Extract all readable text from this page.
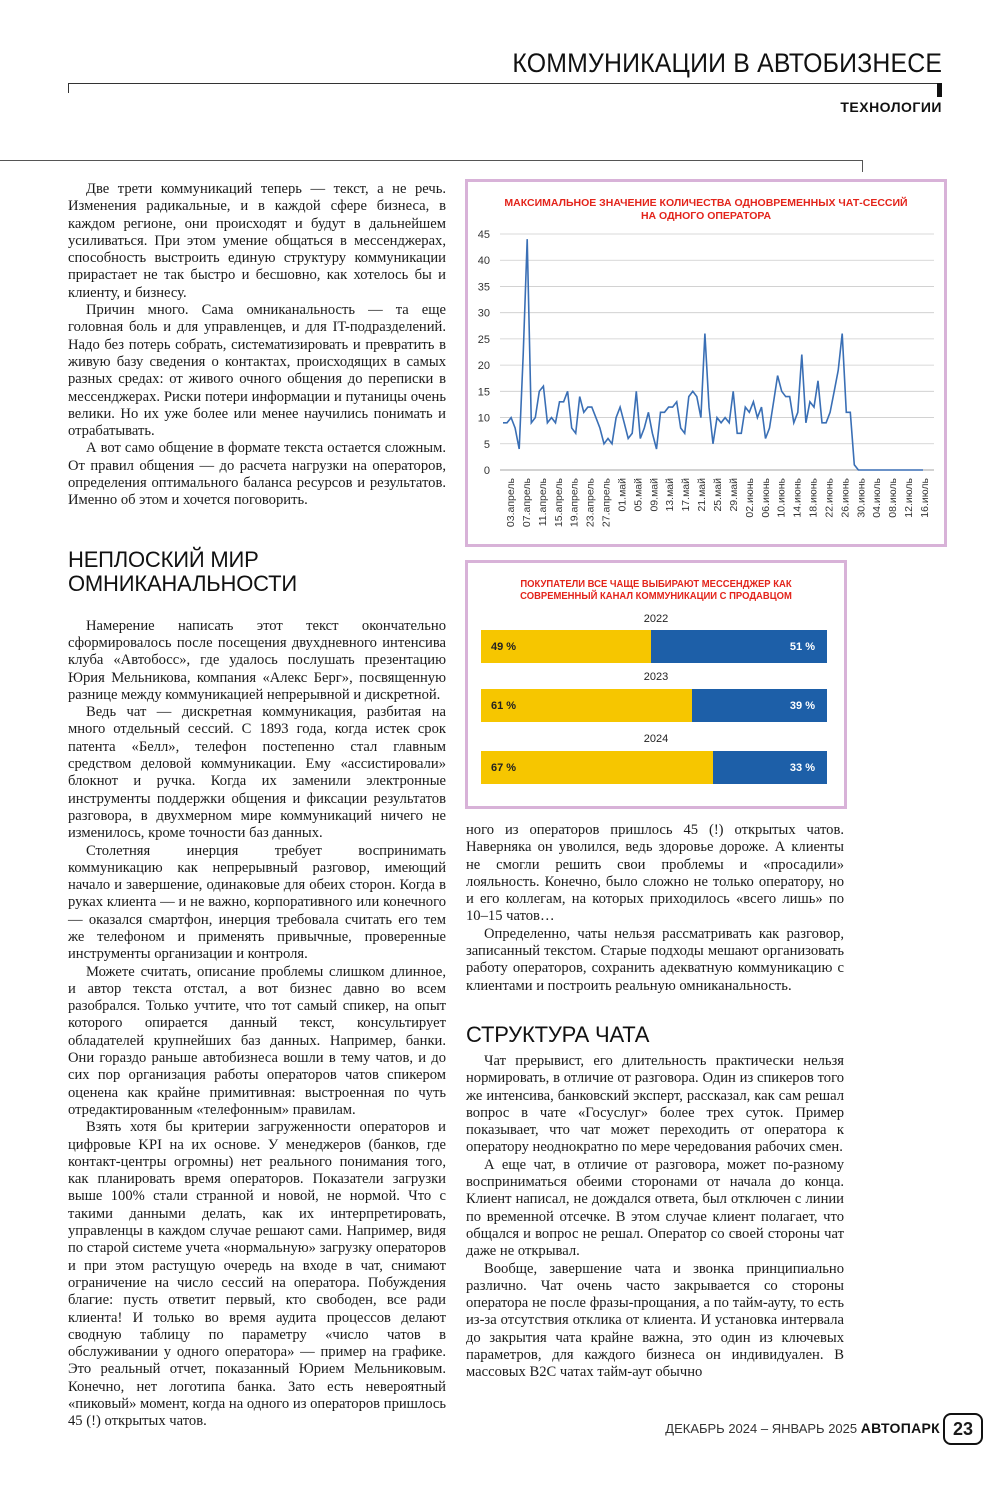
КОММУНИКАЦИИ В АВТОБИЗНЕСЕ
ТЕХНОЛОГИИ

Две трети коммуникаций теперь — текст, а не речь. Изменения радикальные, и в каждой сфере бизнеса, в каждом регионе, они происходят и будут в дальнейшем усиливаться. При этом умение общаться в мессенджерах, способность выстроить единую структуру коммуникации прирастает не так быстро и бесшовно, как хотелось бы и клиенту, и бизнесу.

Причин много. Сама омниканальность — та еще головная боль и для управленцев, и для IT-подразделений. Надо без потерь собрать, систематизировать и превратить в живую базу сведения о контактах, происходящих в самых разных средах: от живого очного общения до переписки в мессенджерах. Риски потери информации и путаницы очень велики. Но их уже более или менее научились понимать и отрабатывать.

А вот само общение в формате текста остается сложным. От правил общения — до расчета нагрузки на операторов, определения оптимального баланса ресурсов и результатов. Именно об этом и хочется поговорить.

НЕПЛОСКИЙ МИР ОМНИКАНАЛЬНОСТИ

Намерение написать этот текст окончательно сформировалось после посещения двухдневного интенсива клуба «Автобосс», где удалось послушать презентацию Юрия Мельникова, компания «Алекс Берг», посвященную разнице между коммуникацией непрерывной и дискретной.

Ведь чат — дискретная коммуникация, разбитая на много отдельный сессий. С 1893 года, когда истек срок патента «Белл», телефон постепенно стал главным средством деловой коммуникации. Ему «ассистировали» блокнот и ручка. Когда их заменили электронные инструменты поддержки общения и фиксации результатов разговора, в двухмерном мире коммуникаций ничего не изменилось, кроме точности баз данных.

Столетняя инерция требует воспринимать коммуникацию как непрерывный разговор, имеющий начало и завершение, одинаковые для обеих сторон. Когда в руках клиента — и не важно, корпоративного или конечного — оказался смартфон, инерция требовала считать его тем же телефоном и применять привычные, проверенные инструменты организации и контроля.

Можете считать, описание проблемы слишком длинное, и автор текста отстал, а вот бизнес давно во всем разобрался. Только учтите, что тот самый спикер, на опыт которого опирается данный текст, консультирует обладателей крупнейших баз данных. Например, банки. Они гораздо раньше автобизнеса вошли в тему чатов, и до сих пор организация работы операторов чатов спикером оценена как крайне примитивная: выстроенная по чуть отредактированным «телефонным» правилам.

Взять хотя бы критерии загруженности операторов и цифровые KPI на их основе. У менеджеров (банков, где контакт-центры огромны) нет реального понимания того, как планировать время операторов. Показатели загрузки выше 100% стали странной и новой, не нормой. Что с такими данными делать, как их интерпретировать, управленцы в каждом случае решают сами. Например, видя по старой системе учета «нормальную» загрузку операторов и при этом растущую очередь на входе в чат, снимают ограничение на число сессий на оператора. Побуждения благие: пусть ответит первый, кто свободен, все ради клиента! И только во время аудита процессов делают сводную таблицу по параметру «число чатов в обслуживании у одного оператора» — пример на графике. Это реальный отчет, показанный Юрием Мельниковым. Конечно, нет логотипа банка. Зато есть невероятный «пиковый» момент, когда на одного из операторов пришлось 45 (!) открытых чатов.

МАКСИМАЛЬНОЕ ЗНАЧЕНИЕ КОЛИЧЕСТВА ОДНОВРЕМЕННЫХ ЧАТ-СЕССИЙ
НА ОДНОГО ОПЕРАТОРА
0
5
10
15
20
25
30
35
40
45
03.апрель 07.апрель 11.апрель 15.апрель 19.апрель 23.апрель 27.апрель 01.май 05.май 09.май 13.май 17.май 21.май 25.май 29.май 02.июнь 06.июнь 10.июнь 14.июнь 18.июнь 22.июнь 26.июнь 30.июнь 04.июль 08.июль 12.июль 16.июль
ПОКУПАТЕЛИ ВСЕ ЧАЩЕ ВЫБИРАЮТ МЕССЕНДЖЕР КАК СОВРЕМЕННЫЙ КАНАЛ КОММУНИКАЦИИ С ПРОДАВЦОМ
2022
49 %	51 %
2023
61 %	39 %
2024
67 %	33 %

ного из операторов пришлось 45 (!) открытых чатов. Наверняка он уволился, ведь здоровье дороже. А клиенты не смогли решить свои проблемы и «просадили» лояльность. Конечно, было сложно не только оператору, но и его коллегам, на которых приходилось «всего лишь» по 10–15 чатов…

Определенно, чаты нельзя рассматривать как разговор, записанный текстом. Старые подходы мешают организовать работу операторов, сохранить адекватную коммуникацию с клиентами и построить реальную омниканальность.

СТРУКТУРА ЧАТА

Чат прерывист, его длительность практически нельзя нормировать, в отличие от разговора. Один из спикеров того же интенсива, банковский эксперт, рассказал, как сам решал вопрос в чате «Госуслуг» более трех суток. Пример показывает, что чат может переходить от оператора к оператору неоднократно по мере чередования рабочих смен.

А еще чат, в отличие от разговора, может по-разному восприниматься обеими сторонами от начала до конца. Клиент написал, не дождался ответа, был отключен с линии по временной отсечке. В этом случае клиент полагает, что общался и вопрос не решал. Оператор со своей стороны чат даже не открывал.

Вообще, завершение чата и звонка принципиально различно. Чат очень часто закрывается со стороны оператора не после фразы-прощания, а по тайм-ауту, то есть из-за отсутствия отклика от клиента. И установка интервала до закрытия чата крайне важна, это один из ключевых параметров, для каждого бизнеса он индивидуален. В массовых B2C чатах тайм-аут обычно

ДЕКАБРЬ 2024 – ЯНВАРЬ 2025 АВТОПАРК 23
